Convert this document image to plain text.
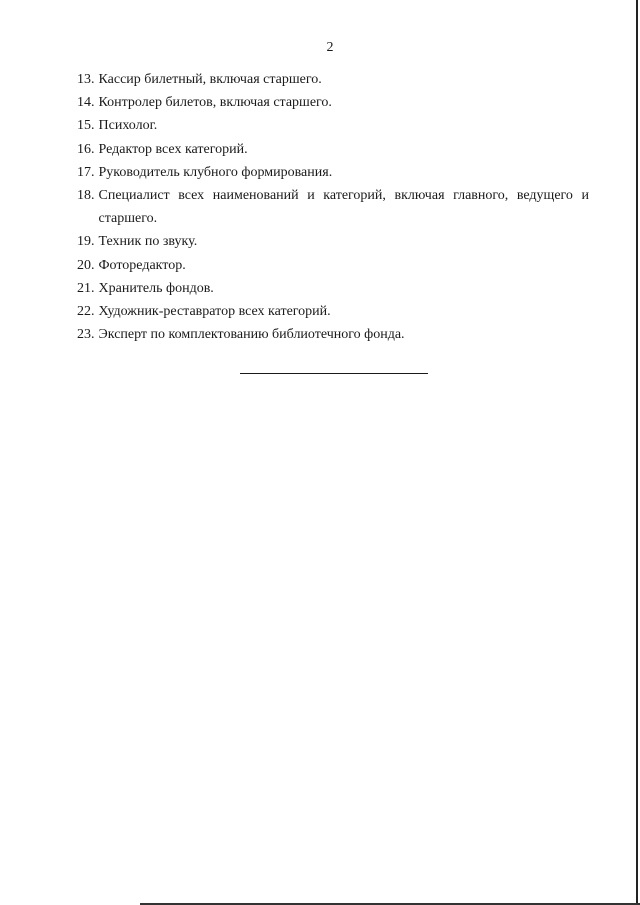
2
13. Кассир билетный, включая старшего.
14. Контролер билетов, включая старшего.
15. Психолог.
16. Редактор всех категорий.
17. Руководитель клубного формирования.
18. Специалист всех наименований и категорий, включая главного, ведущего и старшего.
19. Техник по звуку.
20. Фоторедактор.
21. Хранитель фондов.
22. Художник-реставратор всех категорий.
23. Эксперт по комплектованию библиотечного фонда.
